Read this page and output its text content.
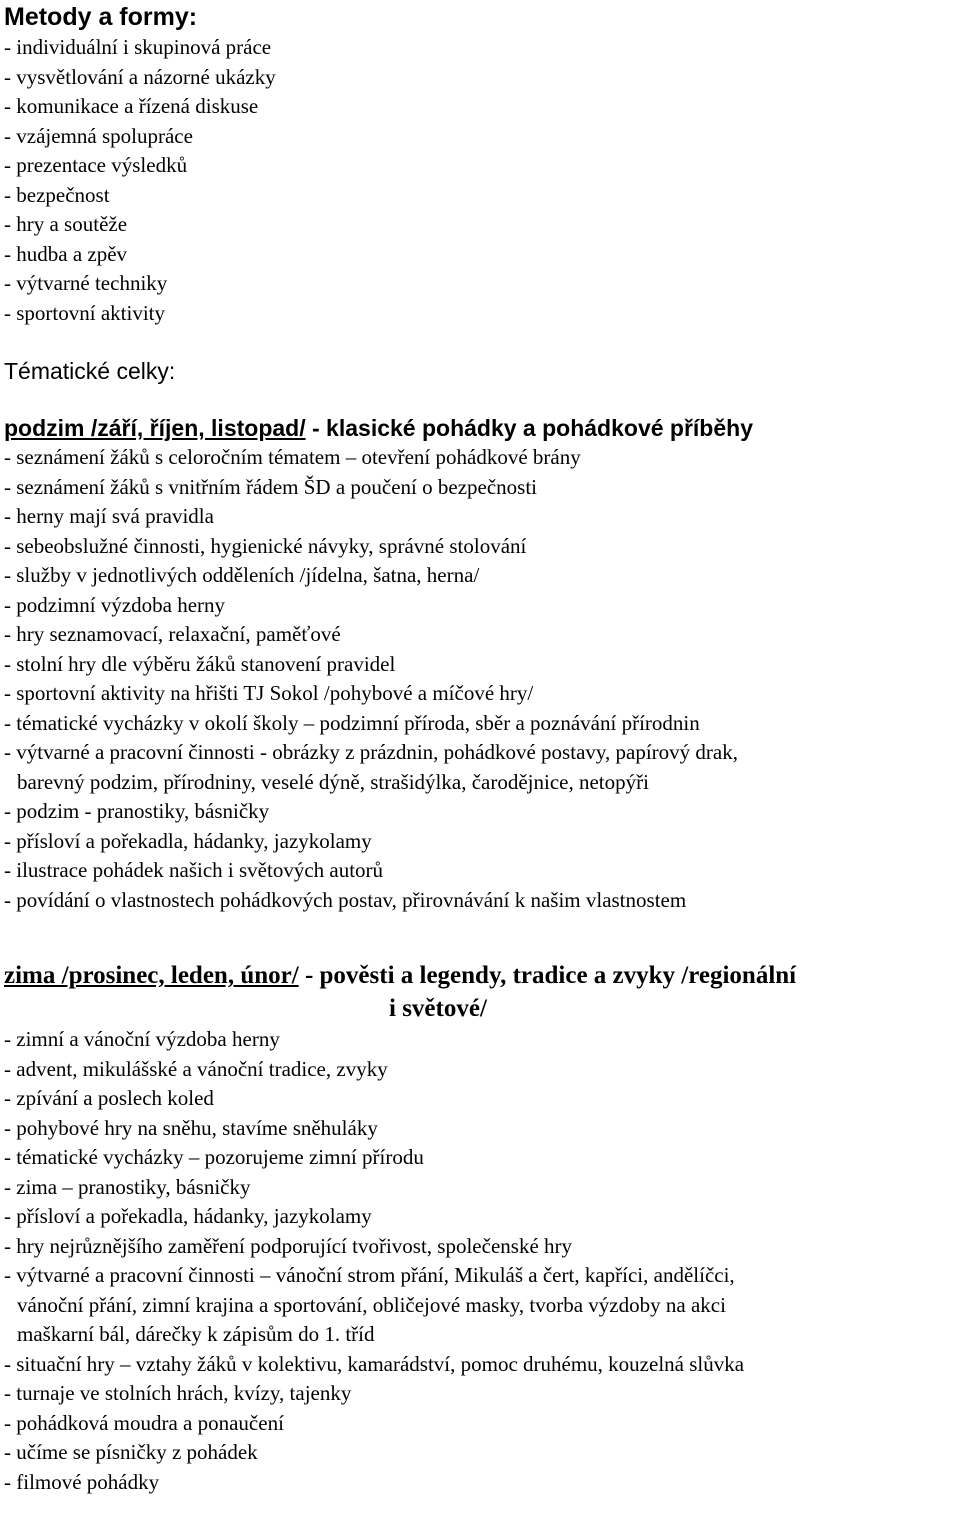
Metody a formy:
- individuální i skupinová práce
- vysvětlování a názorné ukázky
- komunikace a řízená diskuse
- vzájemná spolupráce
- prezentace výsledků
- bezpečnost
- hry a soutěže
- hudba a zpěv
- výtvarné techniky
- sportovní aktivity
Tématické celky:
podzim /září, říjen, listopad/ - klasické pohádky a pohádkové příběhy
- seznámení žáků s celoročním tématem – otevření pohádkové brány
- seznámení žáků s vnitřním řádem ŠD a poučení o bezpečnosti
- herny mají svá pravidla
- sebeobslužné činnosti, hygienické návyky, správné stolování
- služby v jednotlivých odděleních /jídelna, šatna, herna/
- podzimní výzdoba herny
- hry seznamovací, relaxační, paměťové
- stolní hry dle výběru žáků stanovení pravidel
- sportovní aktivity na hřišti TJ Sokol /pohybové a míčové hry/
- tématické vycházky v okolí školy – podzimní příroda, sběr a poznávání přírodnin
- výtvarné a pracovní činnosti - obrázky z prázdnin, pohádkové postavy, papírový drak,
barevný podzim, přírodniny, veselé dýně, strašidýlka, čarodějnice, netopýři
- podzim - pranostiky, básničky
- přísloví a pořekadla, hádanky, jazykolamy
- ilustrace pohádek našich i světových autorů
- povídání o vlastnostech pohádkových postav, přirovnávání k našim vlastnostem
zima /prosinec, leden, únor/ - pověsti a legendy, tradice a zvyky /regionální
i světové/
- zimní a vánoční výzdoba herny
- advent, mikulášské a vánoční tradice, zvyky
- zpívání a poslech koled
- pohybové hry na sněhu, stavíme sněhuláky
- tématické vycházky – pozorujeme zimní přírodu
- zima – pranostiky, básničky
- přísloví a pořekadla, hádanky, jazykolamy
- hry nejrůznějšího zaměření podporující tvořivost, společenské hry
- výtvarné a pracovní činnosti – vánoční strom přání, Mikuláš a čert, kapříci, andělíčci,
vánoční přání, zimní krajina a sportování, obličejové masky, tvorba výzdoby na akci
maškarní bál, dárečky k zápisům do 1. tříd
- situační hry – vztahy žáků v kolektivu, kamarádství, pomoc druhému, kouzelná slůvka
- turnaje ve stolních hrách, kvízy, tajenky
- pohádková moudra a ponaučení
- učíme se písničky z pohádek
- filmové pohádky
